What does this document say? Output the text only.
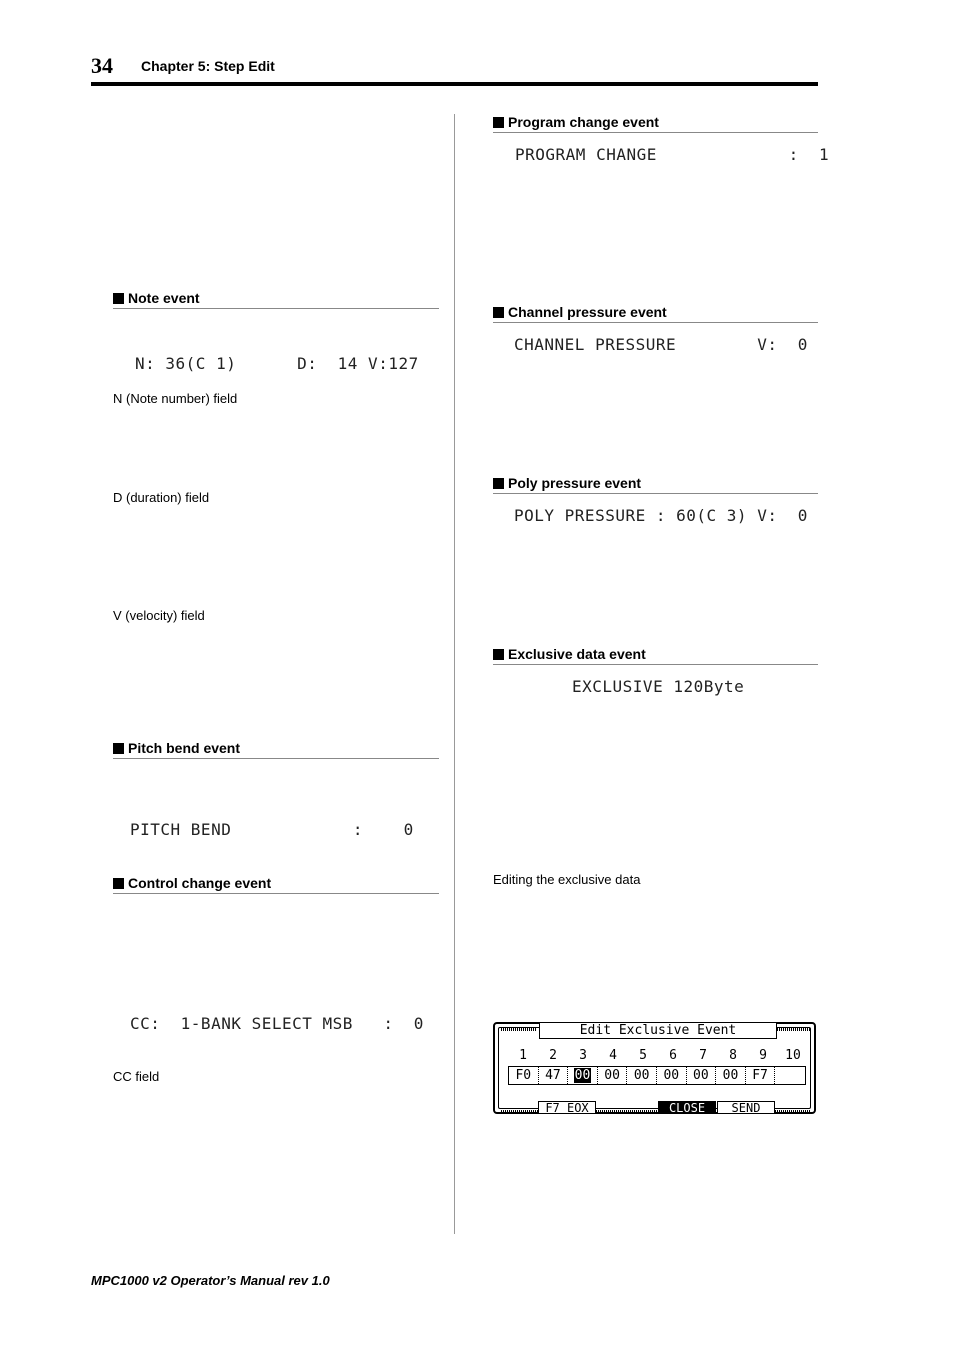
34 Chapter 5: Step Edit
Note event
N: 36(C 1)      D:  14 V:127
N (Note number) field
D (duration) field
V (velocity) field
Pitch bend event
PITCH BEND            :    0
Control change event
CC:  1-BANK SELECT MSB   :  0
CC field
Program change event
PROGRAM CHANGE             :  1
Channel pressure event
CHANNEL PRESSURE        V:  0
Poly pressure event
POLY PRESSURE : 60(C 3) V:  0
Exclusive data event
EXCLUSIVE 120Byte
Editing the exclusive data
Edit Exclusive Event
1	2	3	4	5	6	7	8	9	10
F0	47	00	00	00	00	00	00	F7
F7 EOX	CLOSE	SEND
MPC1000 v2 Operator’s Manual rev 1.0
